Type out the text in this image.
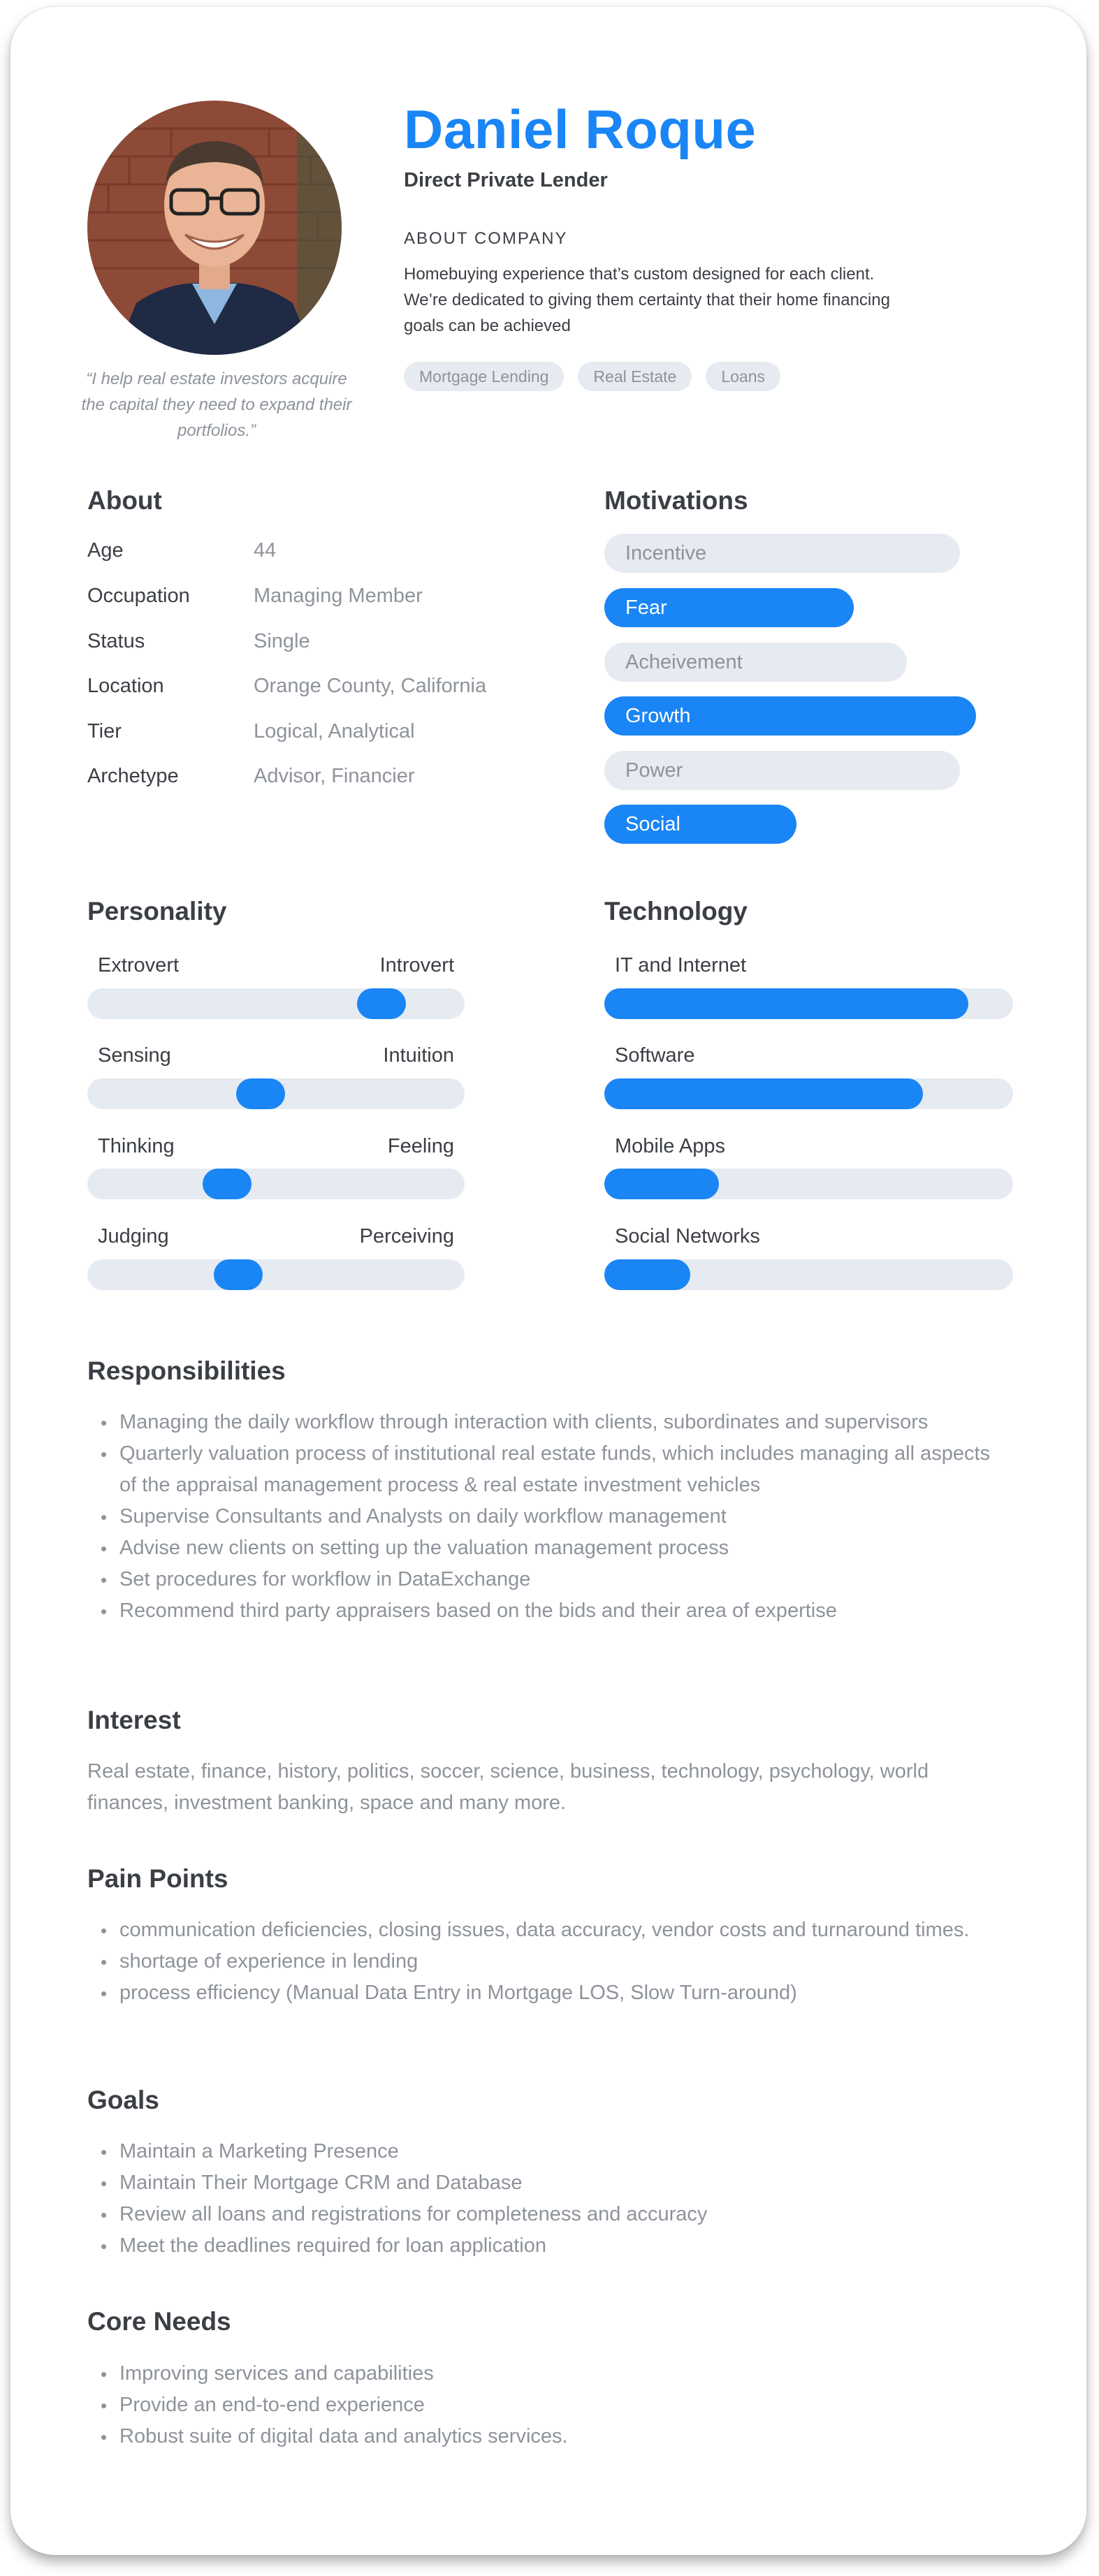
“I help real estate investors acquire the capital they need to expand their portfolios.”
Daniel Roque
Direct Private Lender
ABOUT COMPANY
Homebuying experience that’s custom designed for each client. We’re dedicated to giving them certainty that their home financing goals can be achieved
Mortgage Lending	Real Estate	Loans
About
Age	44
Occupation	Managing Member
Status	Single
Location	Orange County, California
Tier	Logical, Analytical
Archetype	Advisor, Financier
Motivations
Incentive
Fear
Acheivement
Growth
Power
Social
Personality
Extrovert	Introvert
Sensing	Intuition
Thinking	Feeling
Judging	Perceiving
Technology
IT and Internet
Software
Mobile Apps
Social Networks
Responsibilities
Managing the daily workflow through interaction with clients, subordinates and supervisors
Quarterly valuation process of institutional real estate funds, which includes managing all aspects of the appraisal management process & real estate investment vehicles
Supervise Consultants and Analysts on daily workflow management
Advise new clients on setting up the valuation management process
Set procedures for workflow in DataExchange
Recommend third party appraisers based on the bids and their area of expertise
Interest
Real estate, finance, history, politics, soccer, science, business, technology, psychology, world finances, investment banking, space and many more.
Pain Points
communication deficiencies, closing issues, data accuracy, vendor costs and turnaround times.
shortage of experience in lending
process efficiency (Manual Data Entry in Mortgage LOS, Slow Turn-around)
Goals
Maintain a Marketing Presence
Maintain Their Mortgage CRM and Database
Review all loans and registrations for completeness and accuracy
Meet the deadlines required for loan application
Core Needs
Improving services and capabilities
Provide an end-to-end experience
Robust suite of digital data and analytics services.
